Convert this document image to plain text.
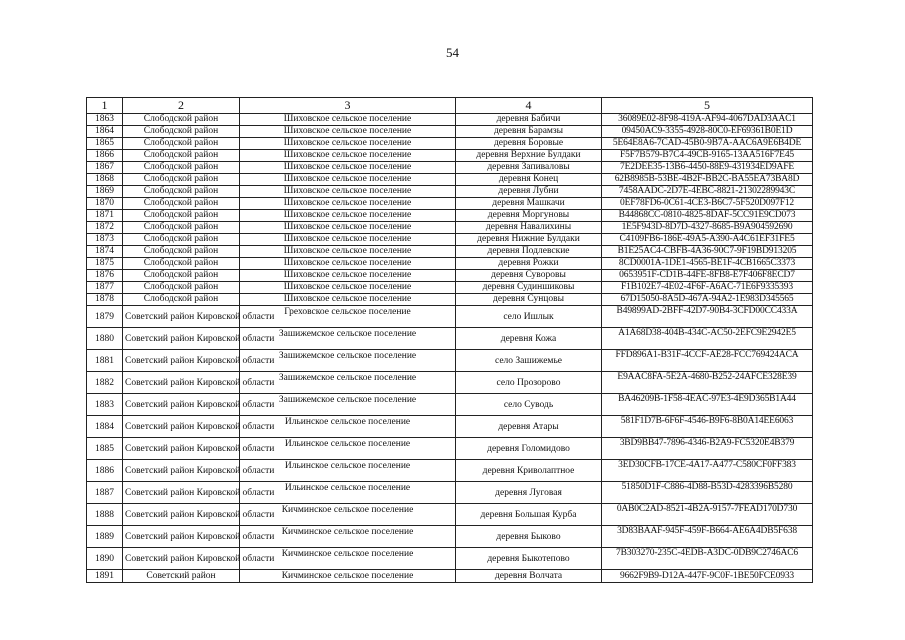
54
1	2	3	4	5
1863	Слободской район	Шиховское сельское поселение	деревня Бабичи	36089E02-8F98-419A-AF94-4067DAD3AAC1
1864	Слободской район	Шиховское сельское поселение	деревня Барамзы	09450AC9-3355-4928-80C0-EF69361B0E1D
1865	Слободской район	Шиховское сельское поселение	деревня Боровые	5E64E8A6-7CAD-45B0-9B7A-AAC6A9E6B4DE
1866	Слободской район	Шиховское сельское поселение	деревня Верхние Булдаки	F5F7B579-B7C4-49CB-9165-13AA516F7E45
1867	Слободской район	Шиховское сельское поселение	деревня Запиваловы	7E2DEE35-13B6-4450-88E9-431934ED9AFE
1868	Слободской район	Шиховское сельское поселение	деревня Конец	62B8985B-53BE-4B2F-BB2C-BA55EA73BA8D
1869	Слободской район	Шиховское сельское поселение	деревня Лубни	7458AADC-2D7E-4EBC-8821-21302289943C
1870	Слободской район	Шиховское сельское поселение	деревня Машкачи	0EF78FD6-0C61-4CE3-B6C7-5F520D097F12
1871	Слободской район	Шиховское сельское поселение	деревня Моргуновы	B44868CC-0810-4825-8DAF-5CC91E9CD073
1872	Слободской район	Шиховское сельское поселение	деревня Навалихины	1E5F943D-8D7D-4327-8685-B9A904592690
1873	Слободской район	Шиховское сельское поселение	деревня Нижние Булдаки	C4109FB6-186E-49A5-A390-A4C61EF31FE5
1874	Слободской район	Шиховское сельское поселение	деревня Подлевские	B1E25AC4-CBFB-4A36-90C7-9F19BD913205
1875	Слободской район	Шиховское сельское поселение	деревня Рожки	8CD0001A-1DE1-4565-BE1F-4CB1665C3373
1876	Слободской район	Шиховское сельское поселение	деревня Суворовы	0653951F-CD1B-44FE-8FB8-E7F406F8ECD7
1877	Слободской район	Шиховское сельское поселение	деревня Судиншиковы	F1B102E7-4E02-4F6F-A6AC-71E6F9335393
1878	Слободской район	Шиховское сельское поселение	деревня Сунцовы	67D15050-8A5D-467A-94A2-1E983D345565
1879	Советский район Кировской области	Греховское сельское поселение	село Ишлык	B49899AD-2BFF-42D7-90B4-3CFD00CC433A
1880	Советский район Кировской области	Зашижемское сельское поселение	деревня Кожа	A1A68D38-404B-434C-AC50-2EFC9E2942E5
1881	Советский район Кировской области	Зашижемское сельское поселение	село Зашижемье	FFD896A1-B31F-4CCF-AE28-FCC769424ACA
1882	Советский район Кировской области	Зашижемское сельское поселение	село Прозорово	E9AAC8FA-5E2A-4680-B252-24AFCE328E39
1883	Советский район Кировской области	Зашижемское сельское поселение	село Суводь	BA46209B-1F58-4EAC-97E3-4E9D365B1A44
1884	Советский район Кировской области	Ильинское сельское поселение	деревня Атары	581F1D7B-6F6F-4546-B9F6-8B0A14EE6063
1885	Советский район Кировской области	Ильинское сельское поселение	деревня Голомидово	3BD9BB47-7896-4346-B2A9-FC5320E4B379
1886	Советский район Кировской области	Ильинское сельское поселение	деревня Криволаптное	3ED30CFB-17CE-4A17-A477-C580CF0FF383
1887	Советский район Кировской области	Ильинское сельское поселение	деревня Луговая	51850D1F-C886-4D88-B53D-4283396B5280
1888	Советский район Кировской области	Кичминское сельское поселение	деревня Большая Курба	0AB0C2AD-8521-4B2A-9157-7FEAD170D730
1889	Советский район Кировской области	Кичминское сельское поселение	деревня Быково	3D83BAAF-945F-459F-B664-AE6A4DB5F638
1890	Советский район Кировской области	Кичминское сельское поселение	деревня Быкотепово	7B303270-235C-4EDB-A3DC-0DB9C2746AC6
1891	Советский район	Кичминское сельское поселение	деревня Волчата	9662F9B9-D12A-447F-9C0F-1BE50FCE0933
